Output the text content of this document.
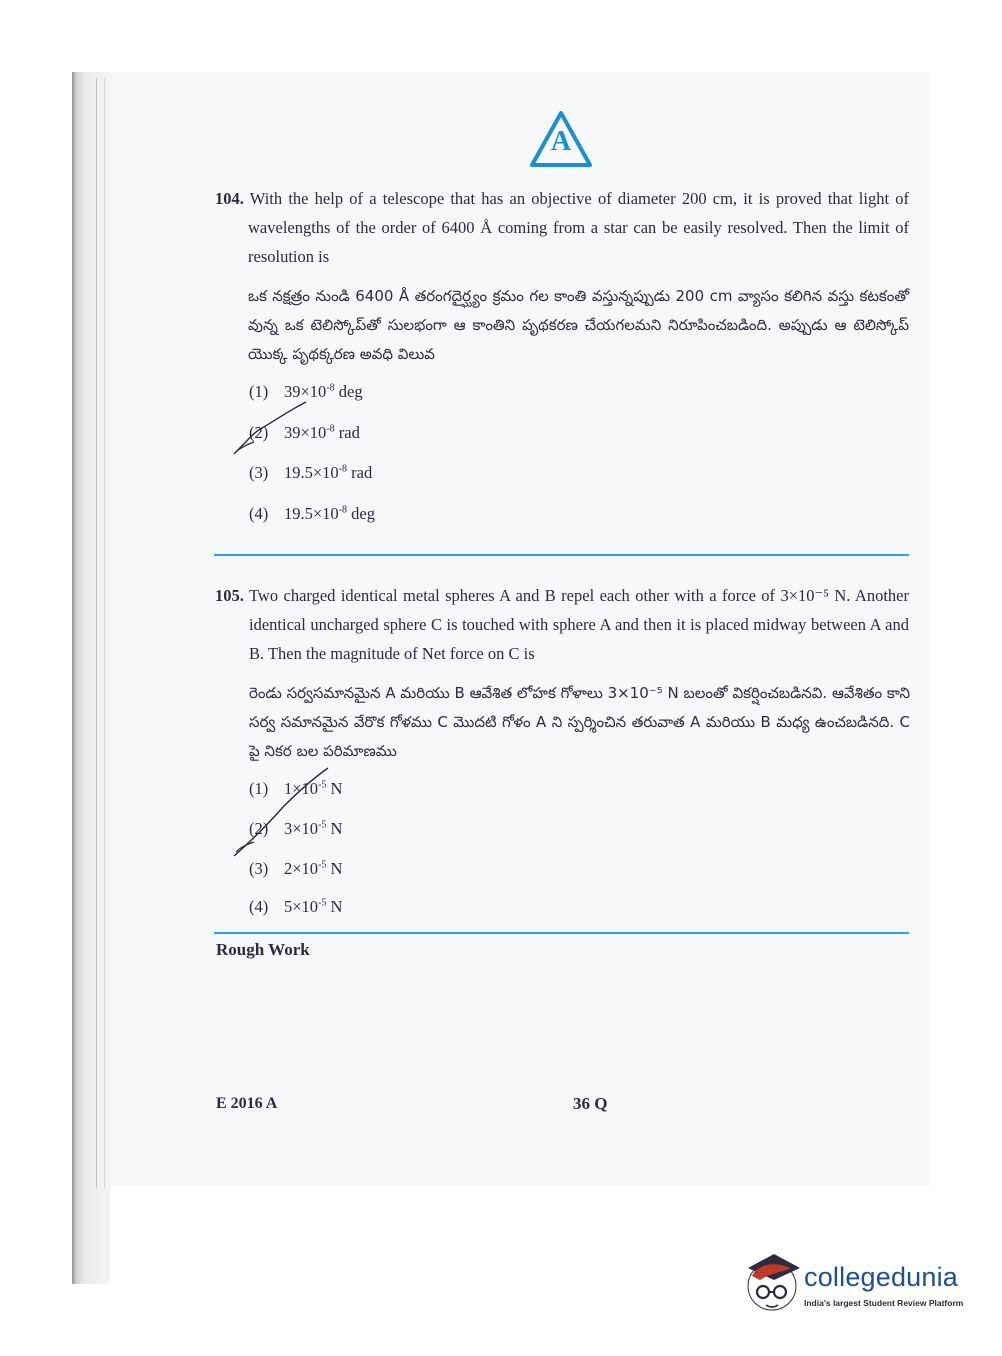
A
104. With the help of a telescope that has an objective of diameter 200 cm, it is proved that light of wavelengths of the order of 6400 Å coming from a star can be easily resolved. Then the limit of resolution is
ఒక నక్షత్రం నుండి 6400 Å తరంగదైర్ఘ్యం క్రమం గల కాంతి వస్తున్నప్పుడు 200 cm వ్యాసం కలిగిన వస్తు కటకంతో వున్న ఒక టెలిస్కోప్‌తో సులభంగా ఆ కాంతిని పృథకరణ చేయగలమని నిరూపించబడింది. అప్పుడు ఆ టెలిస్కోప్ యొక్క పృథక్కరణ అవధి విలువ
(1) $39\times 10^{-8}$ deg
(2) $39\times 10^{-8}$ rad
(3) $19.5\times 10^{-8}$ rad
(4) $19.5\times 10^{-8}$ deg
105. Two charged identical metal spheres A and B repel each other with a force of 3×10⁻⁵ N. Another identical uncharged sphere C is touched with sphere A and then it is placed midway between A and B. Then the magnitude of Net force on C is
రెండు సర్వసమానమైన A మరియు B ఆవేశిత లోహక గోళాలు 3×10⁻⁵ N బలంతో వికర్షించబడినవి. ఆవేశితం కాని సర్వ సమానమైన వేరొక గోళము C మొదటి గోళం A ని స్పర్శించిన తరువాత A మరియు B మధ్య ఉంచబడినది. C పై నికర బల పరిమాణము
(1) $1\times 10^{-5}$ N
(2) $3\times 10^{-5}$ N
(3) $2\times 10^{-5}$ N
(4) $5\times 10^{-5}$ N
Rough Work
E 2016 A	36 Q
collegedunia
India's largest Student Review Platform
